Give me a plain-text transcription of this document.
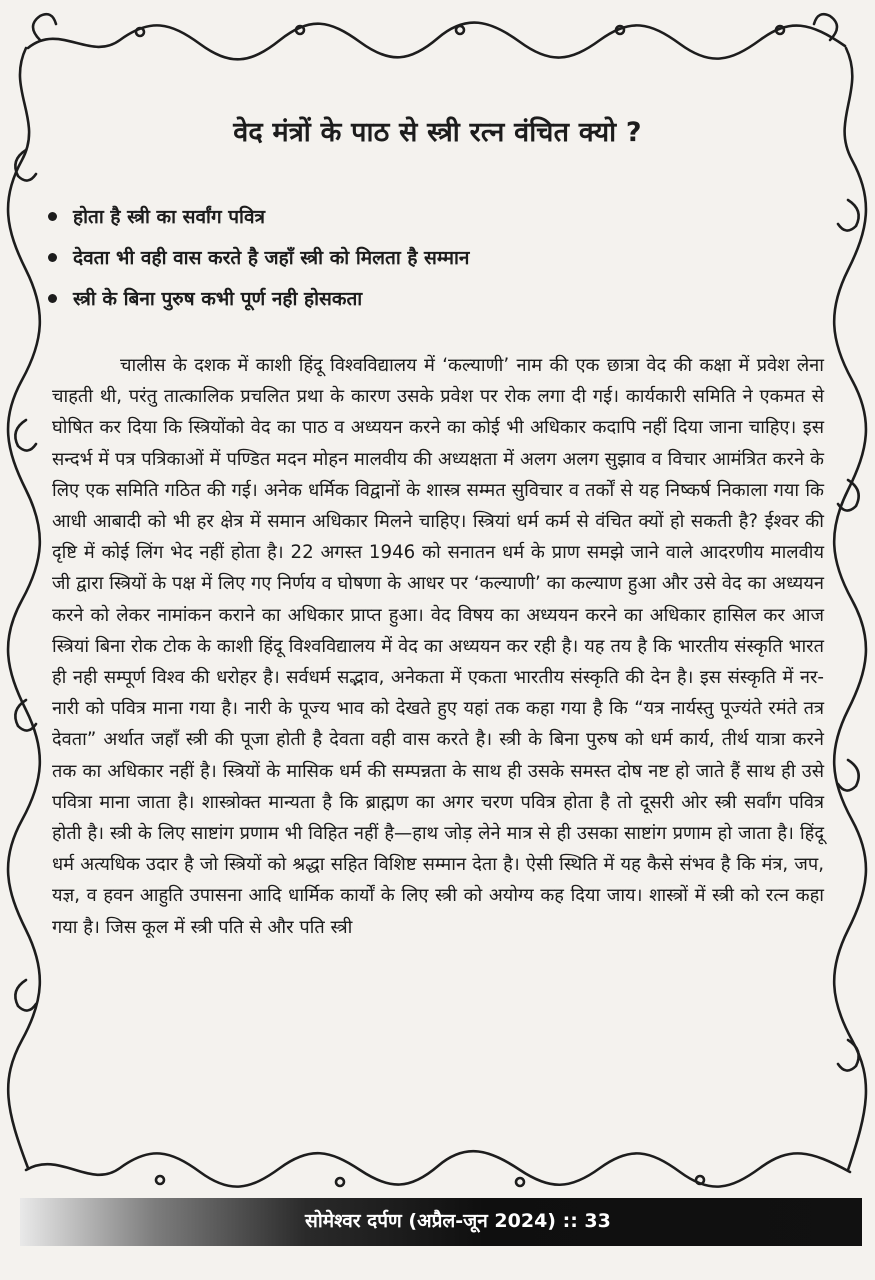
वेद मंत्रों के पाठ से स्त्री रत्न वंचित क्यो ?
होता है स्त्री का सर्वांग पवित्र
देवता भी वही वास करते है जहाँ स्त्री को मिलता है सम्मान
स्त्री के बिना पुरुष कभी पूर्ण नही होसकता

चालीस के दशक में काशी हिंदू विश्वविद्यालय में ‘कल्याणी’ नाम की एक छात्रा वेद की कक्षा में प्रवेश लेना चाहती थी, परंतु तात्कालिक प्रचलित प्रथा के कारण उसके प्रवेश पर रोक लगा दी गई। कार्यकारी समिति ने एकमत से घोषित कर दिया कि स्त्रियोंको वेद का पाठ व अध्ययन करने का कोई भी अधिकार कदापि नहीं दिया जाना चाहिए। इस सन्दर्भ में पत्र पत्रिकाओं में पण्डित मदन मोहन मालवीय की अध्यक्षता में अलग अलग सुझाव व विचार आमंत्रित करने के लिए एक समिति गठित की गई। अनेक धर्मिक विद्वानों के शास्त्र सम्मत सुविचार व तर्कों से यह निष्कर्ष निकाला गया कि आधी आबादी को भी हर क्षेत्र में समान अधिकार मिलने चाहिए। स्त्रियां धर्म कर्म से वंचित क्यों हो सकती है? ईश्वर की दृष्टि में कोई लिंग भेद नहीं होता है। 22 अगस्त 1946 को सनातन धर्म के प्राण समझे जाने वाले आदरणीय मालवीय जी द्वारा स्त्रियों के पक्ष में लिए गए निर्णय व घोषणा के आधर पर ‘कल्याणी’ का कल्याण हुआ और उसे वेद का अध्ययन करने को लेकर नामांकन कराने का अधिकार प्राप्त हुआ। वेद विषय का अध्ययन करने का अधिकार हासिल कर आज स्त्रियां बिना रोक टोक के काशी हिंदू विश्वविद्यालय में वेद का अध्ययन कर रही है। यह तय है कि भारतीय संस्कृति भारत ही नही सम्पूर्ण विश्व की धरोहर है। सर्वधर्म सद्भाव, अनेकता में एकता भारतीय संस्कृति की देन है। इस संस्कृति में नर-नारी को पवित्र माना गया है। नारी के पूज्य भाव को देखते हुए यहां तक कहा गया है कि “यत्र नार्यस्तु पूज्यंते रमंते तत्र देवता” अर्थात जहाँ स्त्री की पूजा होती है देवता वही वास करते है। स्त्री के बिना पुरुष को धर्म कार्य, तीर्थ यात्रा करने तक का अधिकार नहीं है। स्त्रियों के मासिक धर्म की सम्पन्नता के साथ ही उसके समस्त दोष नष्ट हो जाते हैं साथ ही उसे पवित्रा माना जाता है। शास्त्रोक्त मान्यता है कि ब्राह्मण का अगर चरण पवित्र होता है तो दूसरी ओर स्त्री सर्वांग पवित्र होती है। स्त्री के लिए साष्टांग प्रणाम भी विहित नहीं है—हाथ जोड़ लेने मात्र से ही उसका साष्टांग प्रणाम हो जाता है। हिंदू धर्म अत्यधिक उदार है जो स्त्रियों को श्रद्धा सहित विशिष्ट सम्मान देता है। ऐसी स्थिति में यह कैसे संभव है कि मंत्र, जप, यज्ञ, व हवन आहुति उपासना आदि धार्मिक कार्यों के लिए स्त्री को अयोग्य कह दिया जाय। शास्त्रों में स्त्री को रत्न कहा गया है। जिस कूल में स्त्री पति से और पति स्त्री

सोमेश्वर दर्पण (अप्रैल-जून 2024) :: 33
